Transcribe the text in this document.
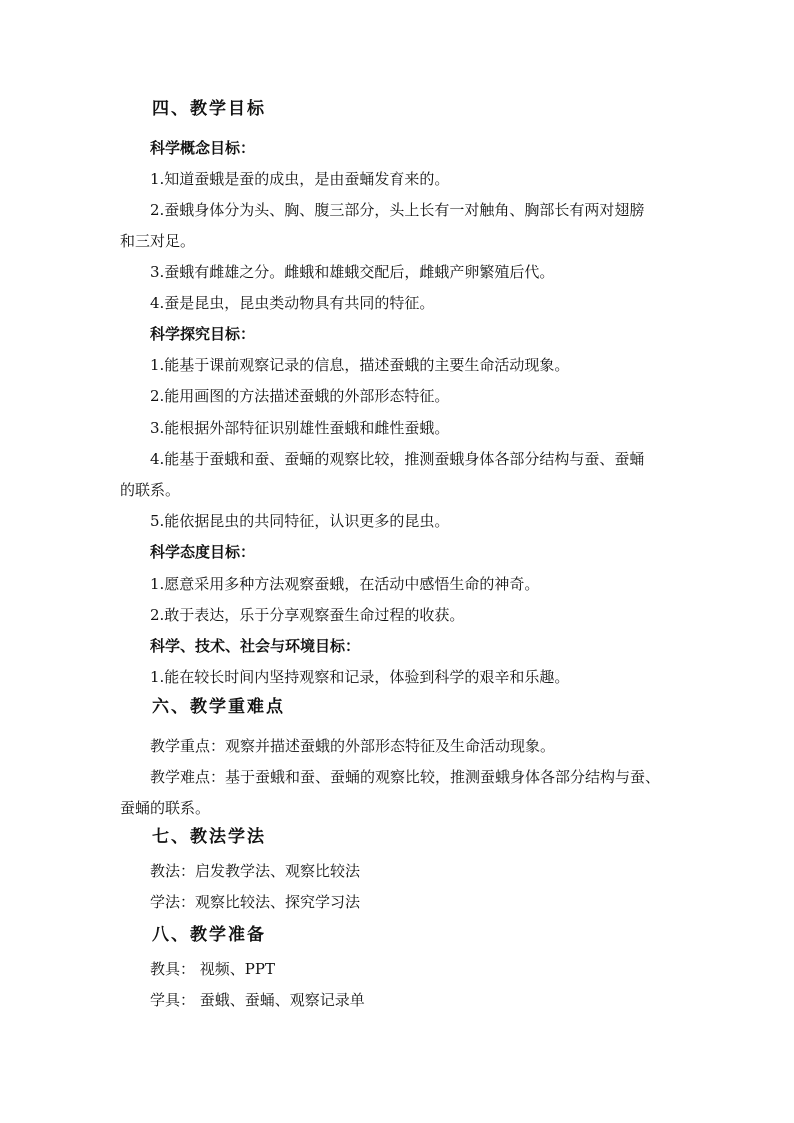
四、教学目标
科学概念目标：
1.知道蚕蛾是蚕的成虫，是由蚕蛹发育来的。
2.蚕蛾身体分为头、胸、腹三部分，头上长有一对触角、胸部长有两对翅膀
和三对足。
3.蚕蛾有雌雄之分。雌蛾和雄蛾交配后，雌蛾产卵繁殖后代。
4.蚕是昆虫，昆虫类动物具有共同的特征。
科学探究目标：
1.能基于课前观察记录的信息，描述蚕蛾的主要生命活动现象。
2.能用画图的方法描述蚕蛾的外部形态特征。
3.能根据外部特征识别雄性蚕蛾和雌性蚕蛾。
4.能基于蚕蛾和蚕、蚕蛹的观察比较，推测蚕蛾身体各部分结构与蚕、蚕蛹
的联系。
5.能依据昆虫的共同特征，认识更多的昆虫。
科学态度目标：
1.愿意采用多种方法观察蚕蛾，在活动中感悟生命的神奇。
2.敢于表达，乐于分享观察蚕生命过程的收获。
科学、技术、社会与环境目标：
1.能在较长时间内坚持观察和记录，体验到科学的艰辛和乐趣。
六、教学重难点
教学重点：观察并描述蚕蛾的外部形态特征及生命活动现象。
教学难点：基于蚕蛾和蚕、蚕蛹的观察比较，推测蚕蛾身体各部分结构与蚕、
蚕蛹的联系。
七、教法学法
教法：启发教学法、观察比较法
学法：观察比较法、探究学习法
八、教学准备
教具： 视频、PPT
学具： 蚕蛾、蚕蛹、观察记录单
